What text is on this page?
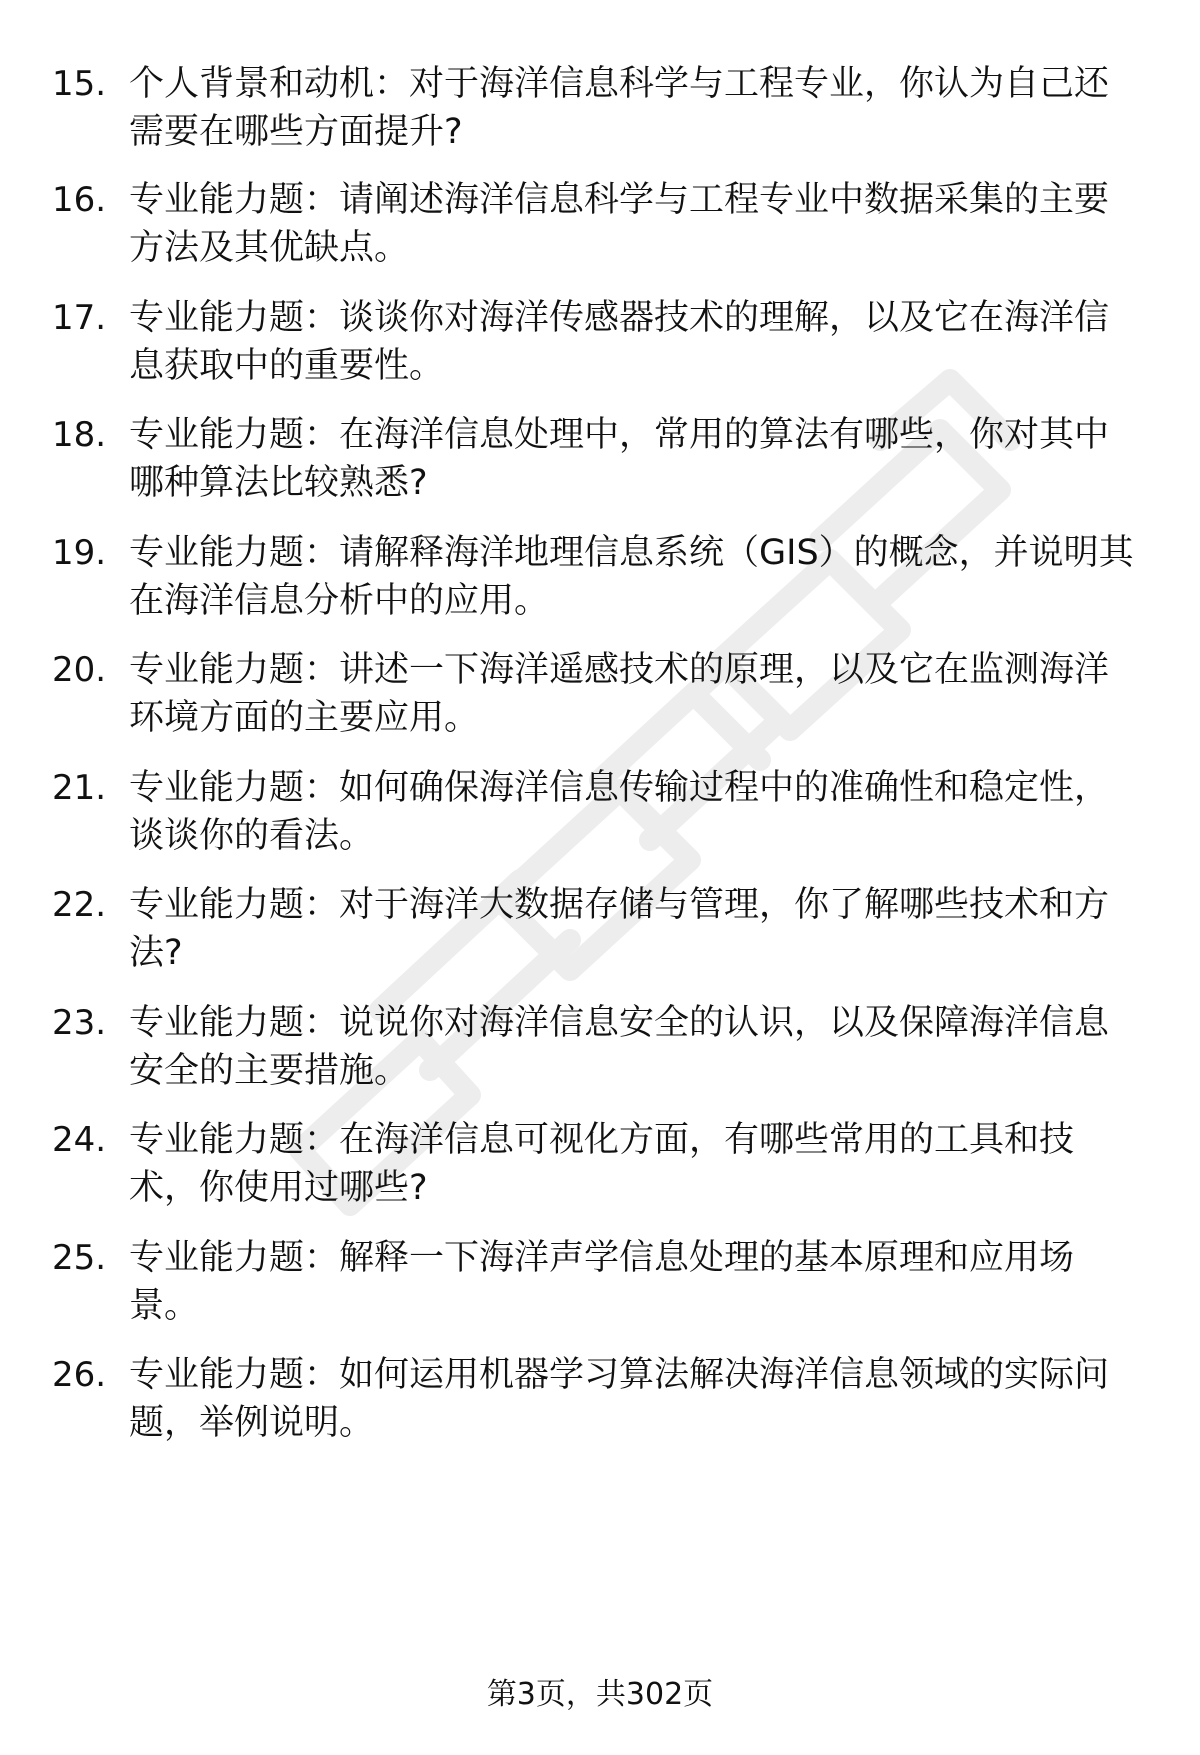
15. 个人背景和动机：对于海洋信息科学与工程专业，你认为自己还需要在哪些方面提升?
16. 专业能力题：请阐述海洋信息科学与工程专业中数据采集的主要方法及其优缺点。
17. 专业能力题：谈谈你对海洋传感器技术的理解，以及它在海洋信息获取中的重要性。
18. 专业能力题：在海洋信息处理中，常用的算法有哪些，你对其中哪种算法比较熟悉?
19. 专业能力题：请解释海洋地理信息系统（GIS）的概念，并说明其在海洋信息分析中的应用。
20. 专业能力题：讲述一下海洋遥感技术的原理，以及它在监测海洋环境方面的主要应用。
21. 专业能力题：如何确保海洋信息传输过程中的准确性和稳定性，谈谈你的看法。
22. 专业能力题：对于海洋大数据存储与管理，你了解哪些技术和方法?
23. 专业能力题：说说你对海洋信息安全的认识，以及保障海洋信息安全的主要措施。
24. 专业能力题：在海洋信息可视化方面，有哪些常用的工具和技术，你使用过哪些?
25. 专业能力题：解释一下海洋声学信息处理的基本原理和应用场景。
26. 专业能力题：如何运用机器学习算法解决海洋信息领域的实际问题，举例说明。
第3页，共302页
